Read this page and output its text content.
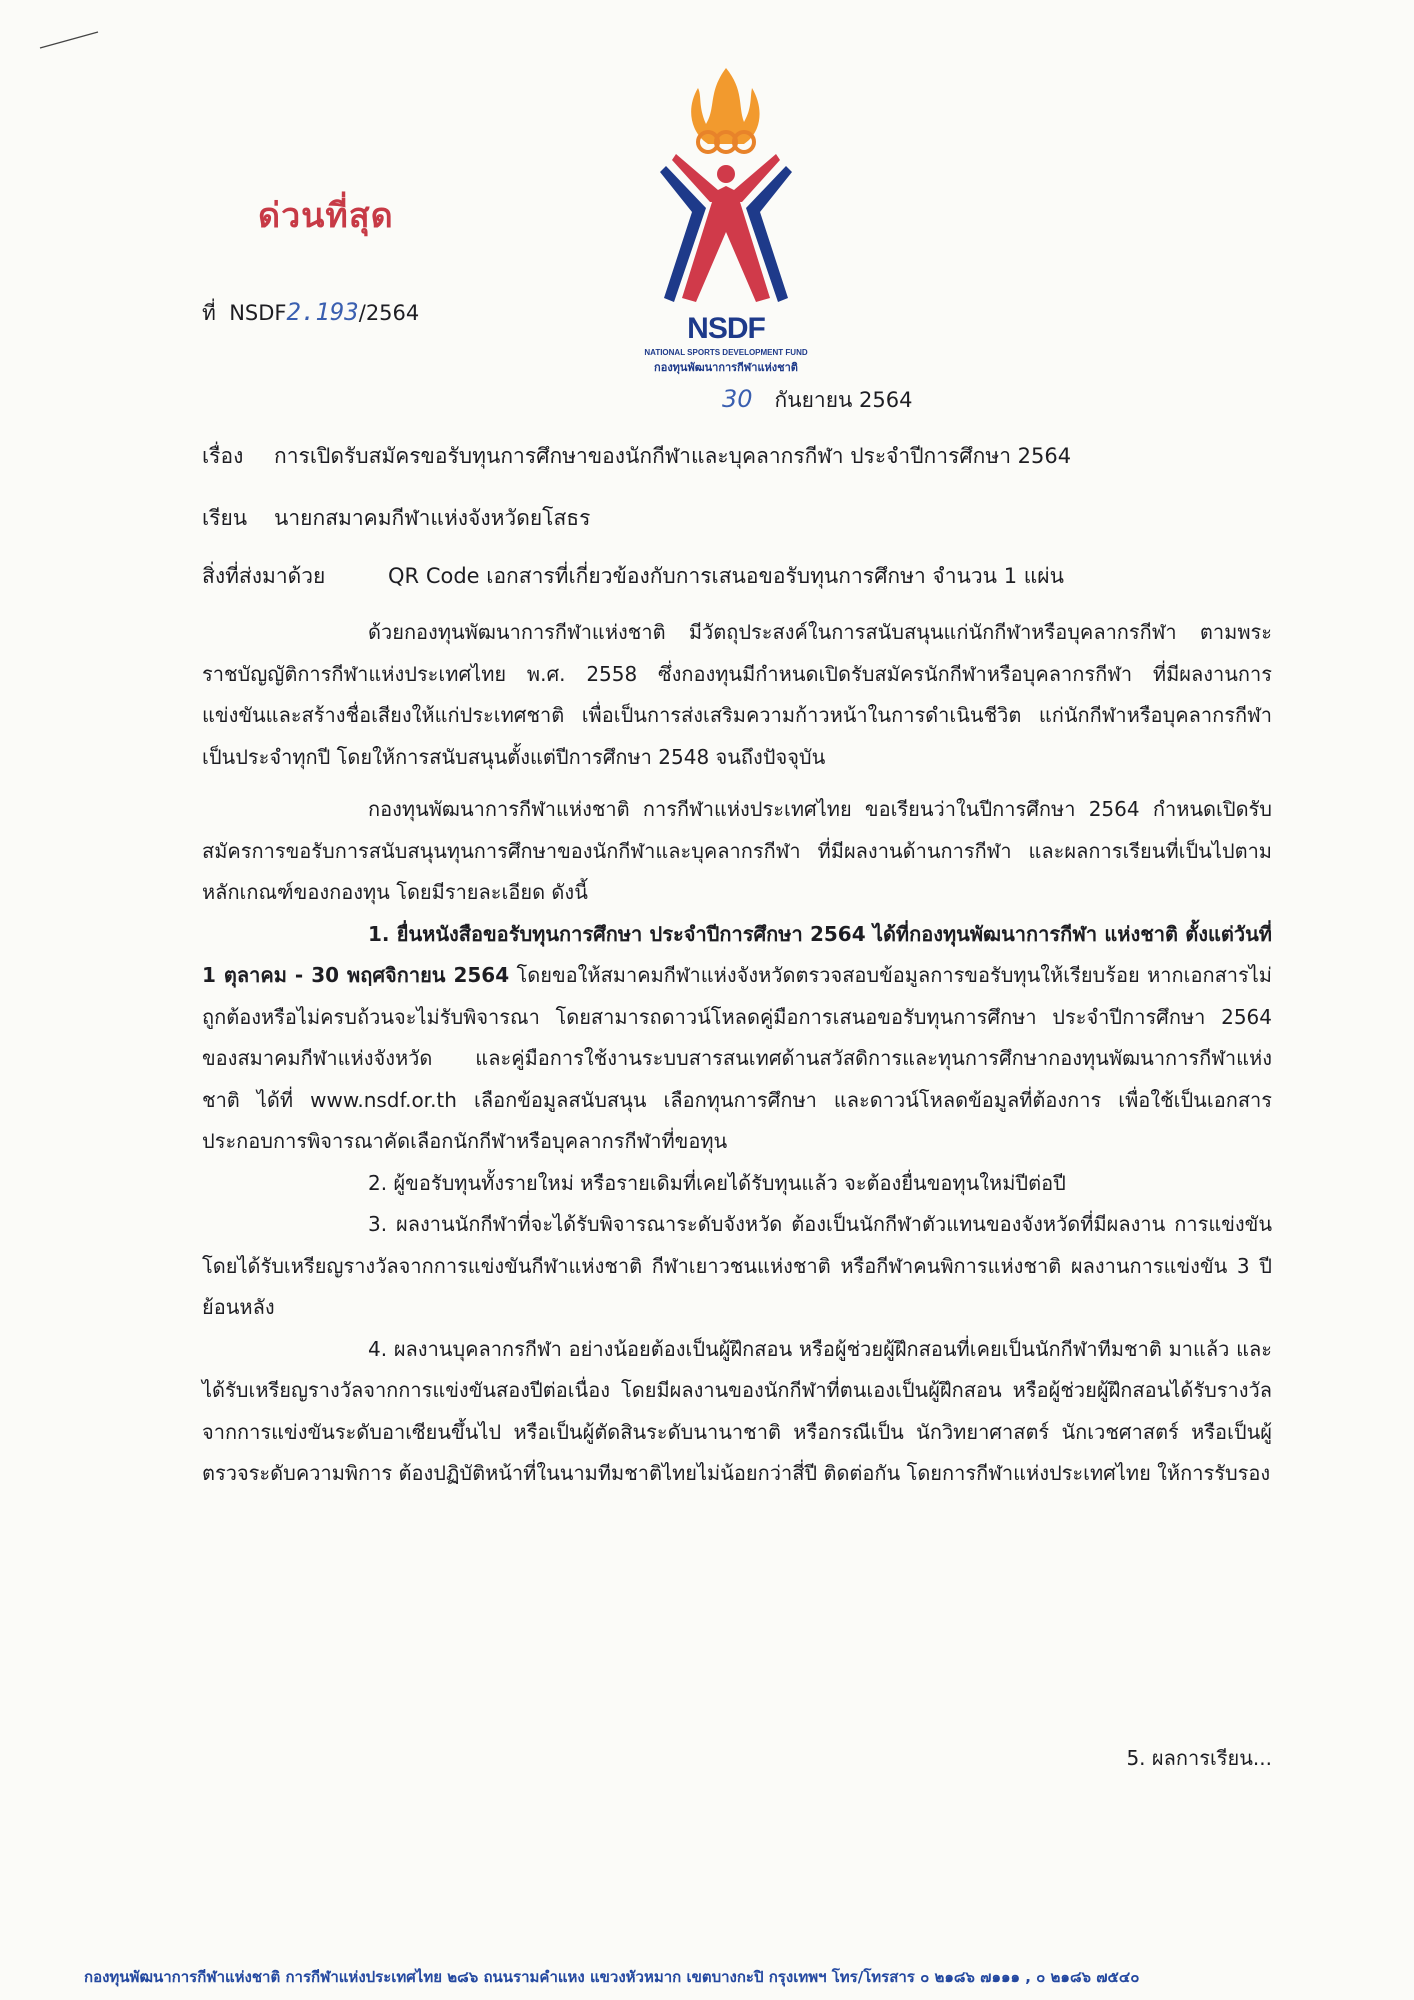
ด่วนที่สุด
NSDF
NATIONAL SPORTS DEVELOPMENT FUND
กองทุนพัฒนาการกีฬาแห่งชาติ
ที่ NSDF2.193/2564
30 กันยายน 2564
เรื่อง การเปิดรับสมัครขอรับทุนการศึกษาของนักกีฬาและบุคลากรกีฬา ประจำปีการศึกษา 2564
เรียน นายกสมาคมกีฬาแห่งจังหวัดยโสธร
สิ่งที่ส่งมาด้วย	QR Code เอกสารที่เกี่ยวข้องกับการเสนอขอรับทุนการศึกษา จำนวน 1 แผ่น

ด้วยกองทุนพัฒนาการกีฬาแห่งชาติ มีวัตถุประสงค์ในการสนับสนุนแก่นักกีฬาหรือบุคลากรกีฬา ตามพระราชบัญญัติการกีฬาแห่งประเทศไทย พ.ศ. 2558 ซึ่งกองทุนมีกำหนดเปิดรับสมัครนักกีฬาหรือบุคลากรกีฬา ที่มีผลงานการแข่งขันและสร้างชื่อเสียงให้แก่ประเทศชาติ เพื่อเป็นการส่งเสริมความก้าวหน้าในการดำเนินชีวิต แก่นักกีฬาหรือบุคลากรกีฬา เป็นประจำทุกปี โดยให้การสนับสนุนตั้งแต่ปีการศึกษา 2548 จนถึงปัจจุบัน

กองทุนพัฒนาการกีฬาแห่งชาติ การกีฬาแห่งประเทศไทย ขอเรียนว่าในปีการศึกษา 2564 กำหนดเปิดรับสมัครการขอรับการสนับสนุนทุนการศึกษาของนักกีฬาและบุคลากรกีฬา ที่มีผลงานด้านการกีฬา และผลการเรียนที่เป็นไปตามหลักเกณฑ์ของกองทุน โดยมีรายละเอียด ดังนี้

1. ยื่นหนังสือขอรับทุนการศึกษา ประจำปีการศึกษา 2564 ได้ที่กองทุนพัฒนาการกีฬา แห่งชาติ ตั้งแต่วันที่ 1 ตุลาคม - 30 พฤศจิกายน 2564 โดยขอให้สมาคมกีฬาแห่งจังหวัดตรวจสอบข้อมูลการขอรับทุนให้เรียบร้อย หากเอกสารไม่ถูกต้องหรือไม่ครบถ้วนจะไม่รับพิจารณา โดยสามารถดาวน์โหลดคู่มือการเสนอขอรับทุนการศึกษา ประจำปีการศึกษา 2564 ของสมาคมกีฬาแห่งจังหวัด และคู่มือการใช้งานระบบสารสนเทศด้านสวัสดิการและทุนการศึกษากองทุนพัฒนาการกีฬาแห่งชาติ ได้ที่ www.nsdf.or.th เลือกข้อมูลสนับสนุน เลือกทุนการศึกษา และดาวน์โหลดข้อมูลที่ต้องการ เพื่อใช้เป็นเอกสารประกอบการพิจารณาคัดเลือกนักกีฬาหรือบุคลากรกีฬาที่ขอทุน

2. ผู้ขอรับทุนทั้งรายใหม่ หรือรายเดิมที่เคยได้รับทุนแล้ว จะต้องยื่นขอทุนใหม่ปีต่อปี

3. ผลงานนักกีฬาที่จะได้รับพิจารณาระดับจังหวัด ต้องเป็นนักกีฬาตัวแทนของจังหวัดที่มีผลงาน การแข่งขัน โดยได้รับเหรียญรางวัลจากการแข่งขันกีฬาแห่งชาติ กีฬาเยาวชนแห่งชาติ หรือกีฬาคนพิการแห่งชาติ ผลงานการแข่งขัน 3 ปีย้อนหลัง

4. ผลงานบุคลากรกีฬา อย่างน้อยต้องเป็นผู้ฝึกสอน หรือผู้ช่วยผู้ฝึกสอนที่เคยเป็นนักกีฬาทีมชาติ มาแล้ว และได้รับเหรียญรางวัลจากการแข่งขันสองปีต่อเนื่อง โดยมีผลงานของนักกีฬาที่ตนเองเป็นผู้ฝึกสอน หรือผู้ช่วยผู้ฝึกสอนได้รับรางวัลจากการแข่งขันระดับอาเซียนขึ้นไป หรือเป็นผู้ตัดสินระดับนานาชาติ หรือกรณีเป็น นักวิทยาศาสตร์ นักเวชศาสตร์ หรือเป็นผู้ตรวจระดับความพิการ ต้องปฏิบัติหน้าที่ในนามทีมชาติไทยไม่น้อยกว่าสี่ปี ติดต่อกัน โดยการกีฬาแห่งประเทศไทย ให้การรับรอง

5. ผลการเรียน...
กองทุนพัฒนาการกีฬาแห่งชาติ การกีฬาแห่งประเทศไทย ๒๘๖ ถนนรามคำแหง แขวงหัวหมาก เขตบางกะปิ กรุงเทพฯ โทร/โทรสาร ๐ ๒๑๘๖ ๗๑๑๑ , ๐ ๒๑๘๖ ๗๕๔๐
